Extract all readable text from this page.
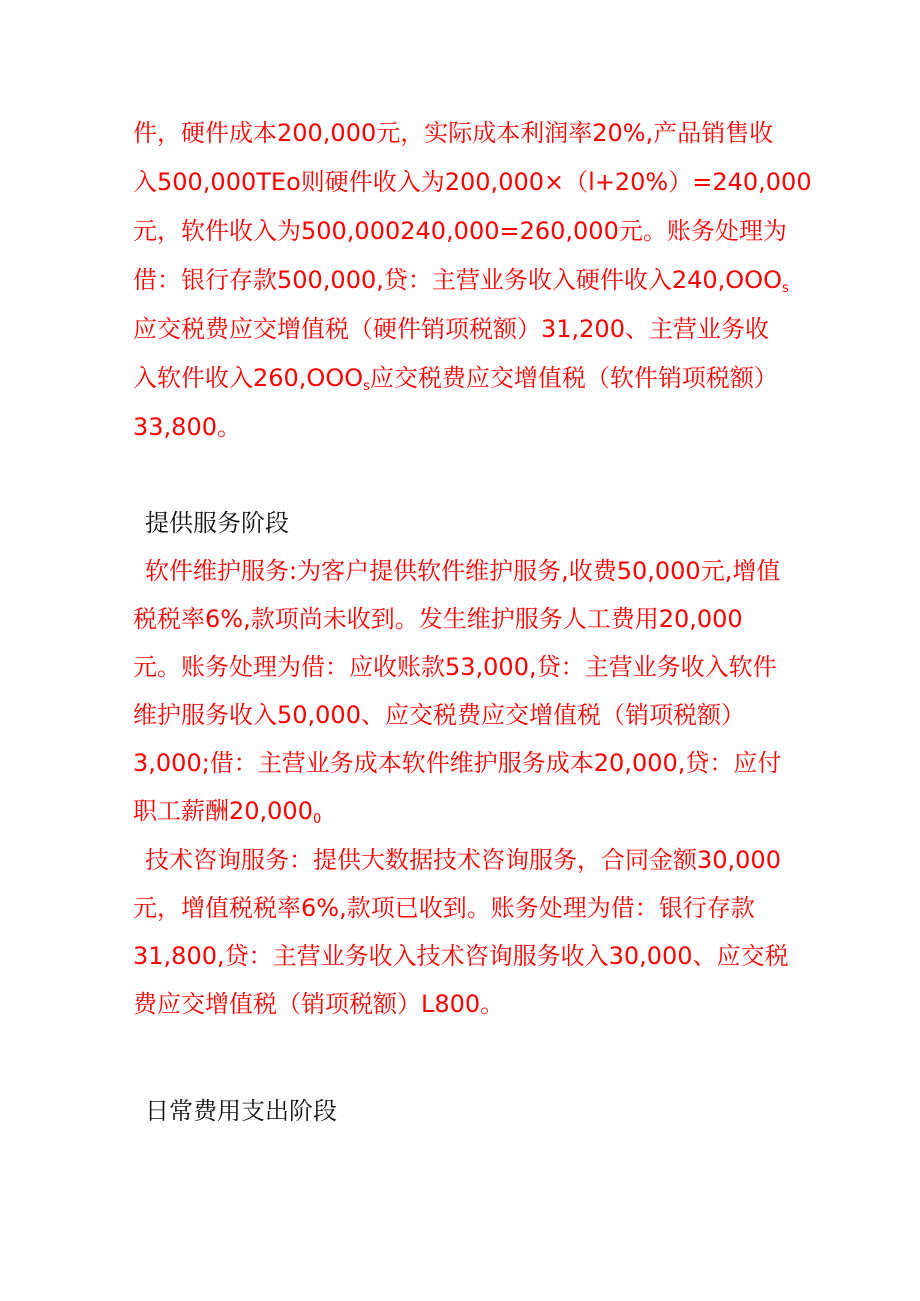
件，硬件成本200,000元，实际成本利润率20%,产品销售收
入500,000TEo则硬件收入为200,000×（l+20%）=240,000
元，软件收入为500,000240,000=260,000元。账务处理为
借：银行存款500,000,贷：主营业务收入硬件收入$240,OOO_s$
应交税费应交增值税（硬件销项税额）31,200、主营业务收
入软件收入$260,OOO_s$应交税费应交增值税（软件销项税额）
33,800。
提供服务阶段
软件维护服务:为客户提供软件维护服务,收费50,000元,增值
税税率6%,款项尚未收到。发生维护服务人工费用20,000
元。账务处理为借：应收账款53,000,贷：主营业务收入软件
维护服务收入50,000、应交税费应交增值税（销项税额）
3,000;借：主营业务成本软件维护服务成本20,000,贷：应付
职工薪酬$20,000_0$
技术咨询服务：提供大数据技术咨询服务，合同金额30,000
元，增值税税率6%,款项已收到。账务处理为借：银行存款
31,800,贷：主营业务收入技术咨询服务收入30,000、应交税
费应交增值税（销项税额）L800。
日常费用支出阶段
